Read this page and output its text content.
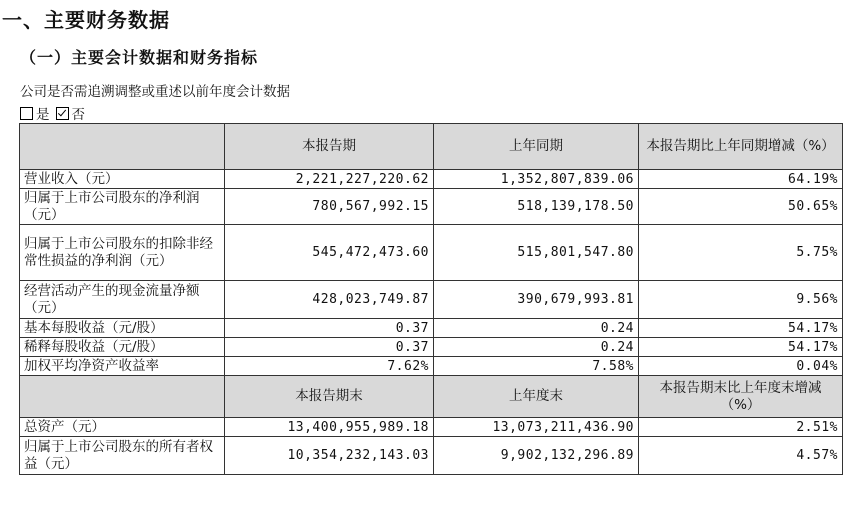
一、主要财务数据
（一）主要会计数据和财务指标
公司是否需追溯调整或重述以前年度会计数据
是 否
	本报告期	上年同期	本报告期比上年同期增减（%）
营业收入（元）	2,221,227,220.62	1,352,807,839.06	64.19%
归属于上市公司股东的净利润（元）	780,567,992.15	518,139,178.50	50.65%
归属于上市公司股东的扣除非经常性损益的净利润（元）	545,472,473.60	515,801,547.80	5.75%
经营活动产生的现金流量净额（元）	428,023,749.87	390,679,993.81	9.56%
基本每股收益（元/股）	0.37	0.24	54.17%
稀释每股收益（元/股）	0.37	0.24	54.17%
加权平均净资产收益率	7.62%	7.58%	0.04%
	本报告期末	上年度末	本报告期末比上年度末增减（%）
总资产（元）	13,400,955,989.18	13,073,211,436.90	2.51%
归属于上市公司股东的所有者权益（元）	10,354,232,143.03	9,902,132,296.89	4.57%
